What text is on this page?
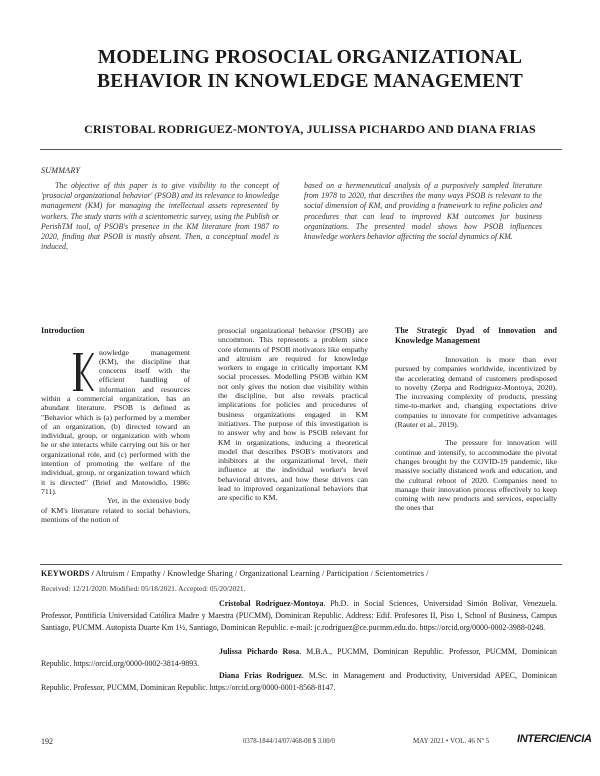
MODELING PROSOCIAL ORGANIZATIONAL
BEHAVIOR IN KNOWLEDGE MANAGEMENT
CRISTOBAL RODRIGUEZ-MONTOYA, JULISSA PICHARDO AND DIANA FRIAS
SUMMARY

The objective of this paper is to give visibility to the concept of 'prosocial organizational behavior' (PSOB) and its relevance to knowledge management (KM) for managing the intellectual assets represented by workers. The study starts with a scientometric survey, using the Publish or PerishTM tool, of PSOB's presence in the KM literature from 1987 to 2020, finding that PSOB is mostly absent. Then, a conceptual model is induced,

based on a hermeneutical analysis of a purposively sampled literature from 1978 to 2020, that describes the many ways PSOB is relevant to the social dimension of KM, and providing a framework to refine policies and procedures that can lead to improved KM outcomes for business organizations. The presented model shows how PSOB influences knowledge workers behavior affecting the social dynamics of KM.

Introduction

nowledge management (KM), the discipline that concerns itself with the efficient handling of information and resources within a commercial organization, has an abundant literature. PSOB is defined as "Behavior which is (a) performed by a member of an organization, (b) directed toward an individual, group, or organization with whom he or she interacts while carrying out his or her organizational role, and (c) performed with the intention of promoting the welfare of the individual, group, or organization toward which it is directed" (Brief and Motowidlo, 1986: 711).

Yet, in the extensive body of KM's literature related to social behaviors, mentions of the notion of

prosocial organizational behavior (PSOB) are uncommon. This represents a problem since core elements of PSOB motivators like empathy and altruism are required for knowledge workers to engage in critically important KM social processes. Modelling PSOB within KM not only gives the notion due visibility within the discipline, but also reveals practical implications for policies and procedures of business organizations engaged in KM initiatives. The purpose of this investigation is to answer why and how is PSOB relevant for KM in organizations, inducing a theoretical model that describes PSOB's motivators and inhibitors at the organizational level, their influence at the individual worker's level behavioral drivers, and how these drivers can lead to improved organizational behaviors that are specific to KM.

The Strategic Dyad of Innovation and Knowledge Management

Innovation is more than ever pursued by companies worldwide, incentivized by the accelerating demand of customers predisposed to novelty (Zerpa and Rodriguez-Montoya, 2020). The increasing complexity of products, pressing time-to-market and, changing expectations drive companies to innovate for competitive advantages (Rauter et al., 2019).

The pressure for innovation will continue and intensify, to accommodate the pivotal changes brought by the COVID-19 pandemic, like massive socially distanced work and education, and the cultural reboot of 2020. Companies need to manage their innovation process effectively to keep coming with new products and services, especially the ones that

KEYWORDS / Altruism / Empathy / Knowledge Sharing / Organizational Learning / Participation / Scientometrics /
Received: 12/21/2020. Modified: 05/18/2021. Accepted: 05/20/2021.

Cristobal Rodriguez-Montoya. Ph.D. in Social Sciences, Universidad Simón Bolívar, Venezuela. Professor, Pontificia Universidad Católica Madre y Maestra (PUCMM), Dominican Republic. Address: Edif. Profesores II, Piso 1, School of Business, Campus Santiago, PUCMM. Autopista Duarte Km 1½, Santiago, Dominican Republic. e-mail: jc.rodriguez@ce.pucmm.edu.do. https://orcid.org/0000-0002-3988-0248.

Julissa Pichardo Rosa. M.B.A., PUCMM, Dominican Republic. Professor, PUCMM, Dominican Republic. https://orcid.org/0000-0002-3814-9893.

Diana Frias Rodriguez. M.Sc. in Management and Productivity, Universidad APEC, Dominican Republic. Professor, PUCMM, Dominican Republic. https://orcid.org/0000-0001-8568-8147.

192	0378-1844/14/07/468-08 $ 3.00/0	MAY 2021 • VOL. 46 Nº 5	INTERCIENCIA
